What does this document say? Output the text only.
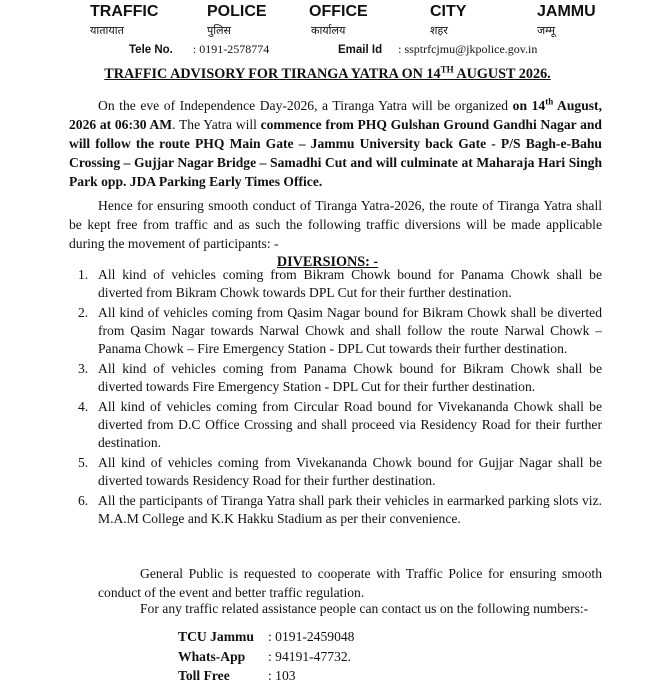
TRAFFIC	POLICE	OFFICE	CITY	JAMMU
यातायात	पुलिस	कार्यालय	शहर	जम्मू
Tele No. : 0191-2578774	Email Id : ssptrfcjmu@jkpolice.gov.in
TRAFFIC ADVISORY FOR TIRANGA YATRA ON 14TH AUGUST 2026.
On the eve of Independence Day-2026, a Tiranga Yatra will be organized on 14th August, 2026 at 06:30 AM. The Yatra will commence from PHQ Gulshan Ground Gandhi Nagar and will follow the route PHQ Main Gate – Jammu University back Gate - P/S Bagh-e-Bahu Crossing – Gujjar Nagar Bridge – Samadhi Cut and will culminate at Maharaja Hari Singh Park opp. JDA Parking Early Times Office.
Hence for ensuring smooth conduct of Tiranga Yatra-2026, the route of Tiranga Yatra shall be kept free from traffic and as such the following traffic diversions will be made applicable during the movement of participants: -
DIVERSIONS: -
1. All kind of vehicles coming from Bikram Chowk bound for Panama Chowk shall be diverted from Bikram Chowk towards DPL Cut for their further destination.
2. All kind of vehicles coming from Qasim Nagar bound for Bikram Chowk shall be diverted from Qasim Nagar towards Narwal Chowk and shall follow the route Narwal Chowk – Panama Chowk – Fire Emergency Station - DPL Cut towards their further destination.
3. All kind of vehicles coming from Panama Chowk bound for Bikram Chowk shall be diverted towards Fire Emergency Station - DPL Cut for their further destination.
4. All kind of vehicles coming from Circular Road bound for Vivekananda Chowk shall be diverted from D.C Office Crossing and shall proceed via Residency Road for their further destination.
5. All kind of vehicles coming from Vivekananda Chowk bound for Gujjar Nagar shall be diverted towards Residency Road for their further destination.
6. All the participants of Tiranga Yatra shall park their vehicles in earmarked parking slots viz. M.A.M College and K.K Hakku Stadium as per their convenience.
General Public is requested to cooperate with Traffic Police for ensuring smooth conduct of the event and better traffic regulation.
For any traffic related assistance people can contact us on the following numbers:-
TCU Jammu : 0191-2459048
Whats-App : 94191-47732.
Toll Free	: 103
